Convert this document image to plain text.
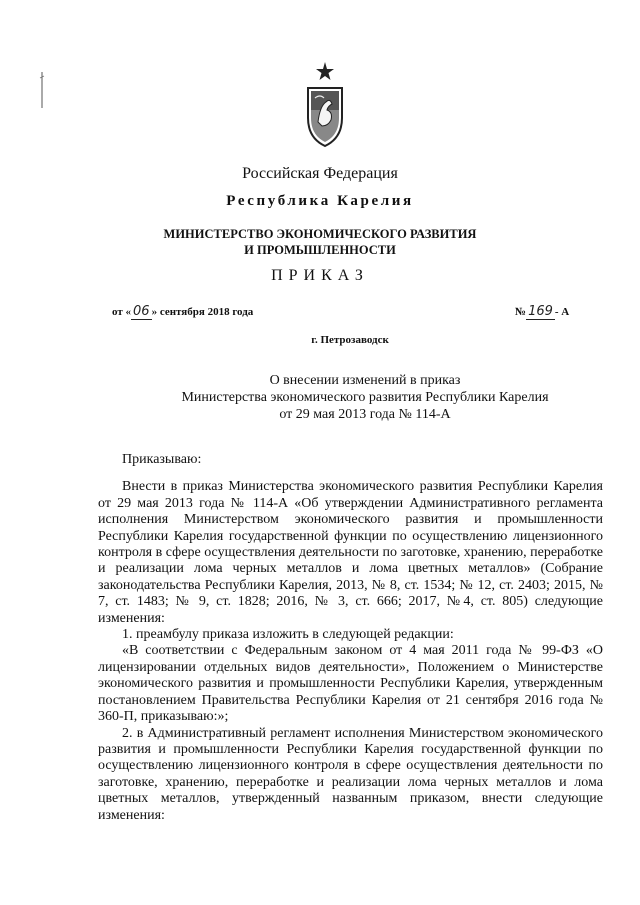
Российская Федерация
Республика Карелия
МИНИСТЕРСТВО ЭКОНОМИЧЕСКОГО РАЗВИТИЯ
И ПРОМЫШЛЕННОСТИ
ПРИКАЗ
от « 06 » сентября 2018 года	№ 169 - А
г. Петрозаводск
О внесении изменений в приказ
Министерства экономического развития Республики Карелия
от 29 мая 2013 года № 114-А

Приказываю:

Внести в приказ Министерства экономического развития Республики Карелия от 29 мая 2013 года № 114-А «Об утверждении Административного регламента исполнения Министерством экономического развития и промышленности Республики Карелия государственной функции по осуществлению лицензионного контроля в сфере осуществления деятельности по заготовке, хранению, переработке и реализации лома черных металлов и лома цветных металлов» (Собрание законодательства Республики Карелия, 2013, № 8, ст. 1534; № 12, ст. 2403; 2015, № 7, ст. 1483; № 9, ст. 1828; 2016, № 3, ст. 666; 2017, №4, ст. 805) следующие изменения:

1. преамбулу приказа изложить в следующей редакции:

«В соответствии с Федеральным законом от 4 мая 2011 года № 99-ФЗ «О лицензировании отдельных видов деятельности», Положением о Министерстве экономического развития и промышленности Республики Карелия, утвержденным постановлением Правительства Республики Карелия от 21 сентября 2016 года № 360-П, приказываю:»;

2. в Административный регламент исполнения Министерством экономического развития и промышленности Республики Карелия государственной функции по осуществлению лицензионного контроля в сфере осуществления деятельности по заготовке, хранению, переработке и реализации лома черных металлов и лома цветных металлов, утвержденный названным приказом, внести следующие изменения:
